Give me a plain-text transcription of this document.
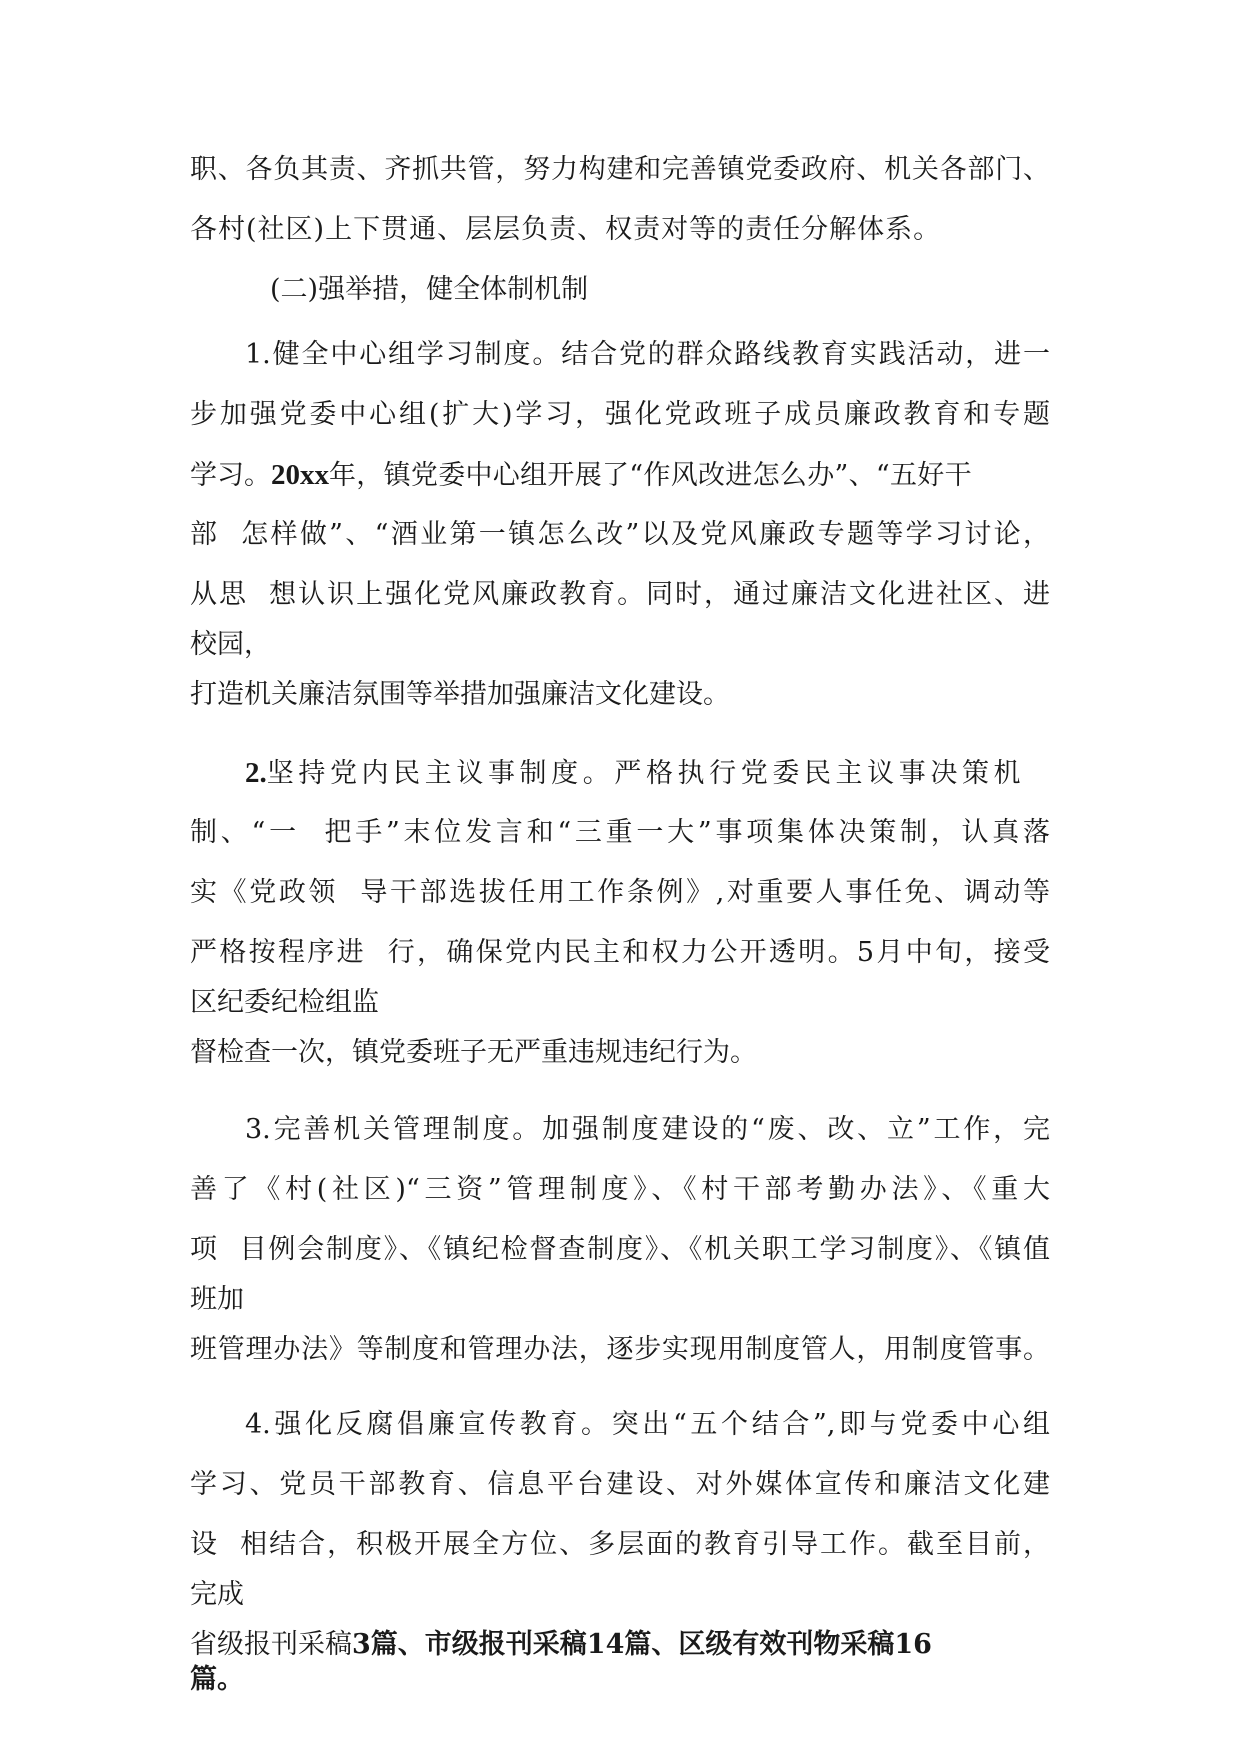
职、各负其责、齐抓共管，努力构建和完善镇党委政府、机关各部门、

各村(社区)上下贯通、层层负责、权责对等的责任分解体系。

(二)强举措，健全体制机制

1.健全中心组学习制度。结合党的群众路线教育实践活动，进一

步加强党委中心组(扩大)学习，强化党政班子成员廉政教育和专题

学习。20xx年，镇党委中心组开展了“作风改进怎么办”、“五好干

部  怎样做”、“酒业第一镇怎么改”以及党风廉政专题等学习讨论，

从思  想认识上强化党风廉政教育。同时，通过廉洁文化进社区、进

校园，

打造机关廉洁氛围等举措加强廉洁文化建设。

2.坚持党内民主议事制度。严格执行党委民主议事决策机

制、“一  把手”末位发言和“三重一大”事项集体决策制，认真落

实《党政领  导干部选拔任用工作条例》,对重要人事任免、调动等

严格按程序进  行，确保党内民主和权力公开透明。5月中旬，接受

区纪委纪检组监

督检查一次，镇党委班子无严重违规违纪行为。

3.完善机关管理制度。加强制度建设的“废、改、立”工作，完

善了《村(社区)“三资”管理制度》、《村干部考勤办法》、《重大

项  目例会制度》、《镇纪检督查制度》、《机关职工学习制度》、《镇值

班加

班管理办法》等制度和管理办法，逐步实现用制度管人，用制度管事。

4.强化反腐倡廉宣传教育。突出“五个结合”,即与党委中心组

学习、党员干部教育、信息平台建设、对外媒体宣传和廉洁文化建

设  相结合，积极开展全方位、多层面的教育引导工作。截至目前，

完成

省级报刊采稿3篇、市级报刊采稿14篇、区级有效刊物采稿16

篇。
